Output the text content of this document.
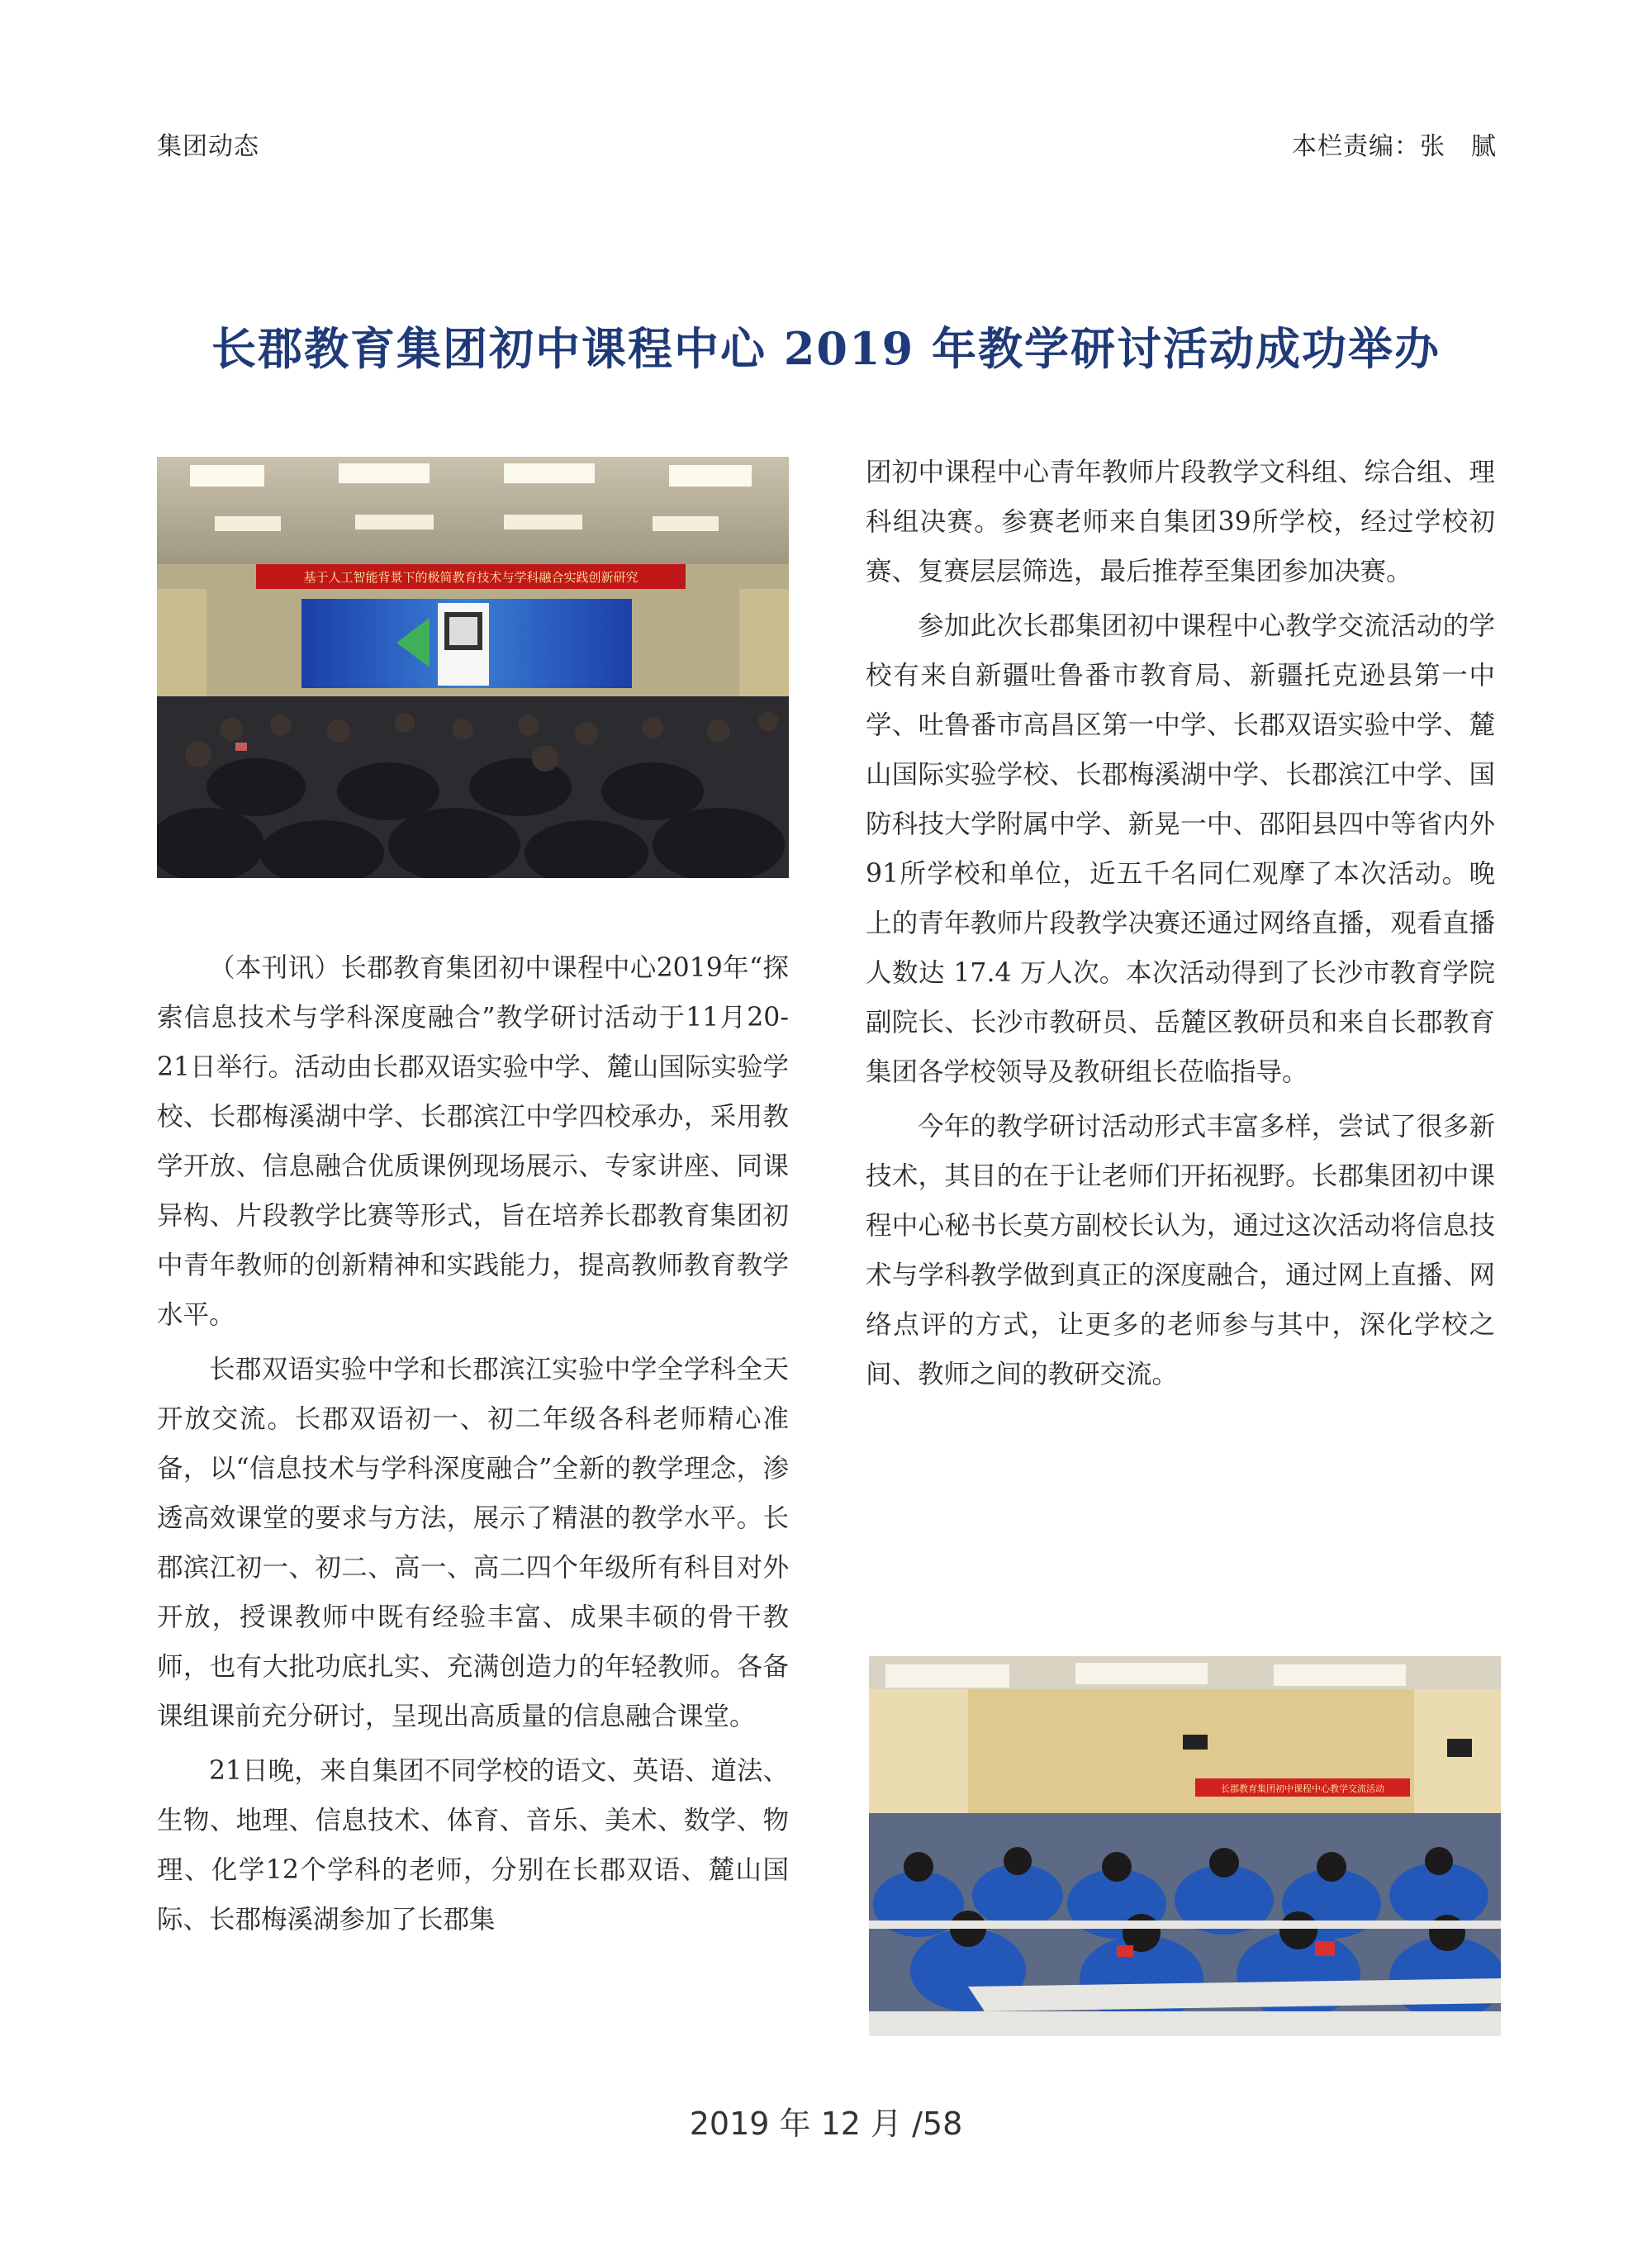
集团动态	本栏责编：张　腻
长郡教育集团初中课程中心 2019 年教学研讨活动成功举办
基于人工智能背景下的极简教育技术与学科融合实践创新研究
长郡教育集团初中课程中心教学交流活动

（本刊讯）长郡教育集团初中课程中心2019年“探索信息技术与学科深度融合”教学研讨活动于11月20-21日举行。活动由长郡双语实验中学、麓山国际实验学校、长郡梅溪湖中学、长郡滨江中学四校承办，采用教学开放、信息融合优质课例现场展示、专家讲座、同课异构、片段教学比赛等形式，旨在培养长郡教育集团初中青年教师的创新精神和实践能力，提高教师教育教学水平。

长郡双语实验中学和长郡滨江实验中学全学科全天开放交流。长郡双语初一、初二年级各科老师精心准备，以“信息技术与学科深度融合”全新的教学理念，渗透高效课堂的要求与方法，展示了精湛的教学水平。长郡滨江初一、初二、高一、高二四个年级所有科目对外开放，授课教师中既有经验丰富、成果丰硕的骨干教师，也有大批功底扎实、充满创造力的年轻教师。各备课组课前充分研讨，呈现出高质量的信息融合课堂。

21日晚，来自集团不同学校的语文、英语、道法、生物、地理、信息技术、体育、音乐、美术、数学、物理、化学12个学科的老师，分别在长郡双语、麓山国际、长郡梅溪湖参加了长郡集

团初中课程中心青年教师片段教学文科组、综合组、理科组决赛。参赛老师来自集团39所学校，经过学校初赛、复赛层层筛选，最后推荐至集团参加决赛。

参加此次长郡集团初中课程中心教学交流活动的学校有来自新疆吐鲁番市教育局、新疆托克逊县第一中学、吐鲁番市高昌区第一中学、长郡双语实验中学、麓山国际实验学校、长郡梅溪湖中学、长郡滨江中学、国防科技大学附属中学、新晃一中、邵阳县四中等省内外91所学校和单位，近五千名同仁观摩了本次活动。晚上的青年教师片段教学决赛还通过网络直播，观看直播人数达 17.4 万人次。本次活动得到了长沙市教育学院副院长、长沙市教研员、岳麓区教研员和来自长郡教育集团各学校领导及教研组长莅临指导。

今年的教学研讨活动形式丰富多样，尝试了很多新技术，其目的在于让老师们开拓视野。长郡集团初中课程中心秘书长莫方副校长认为，通过这次活动将信息技术与学科教学做到真正的深度融合，通过网上直播、网络点评的方式，让更多的老师参与其中，深化学校之间、教师之间的教研交流。

2019 年 12 月 /58
